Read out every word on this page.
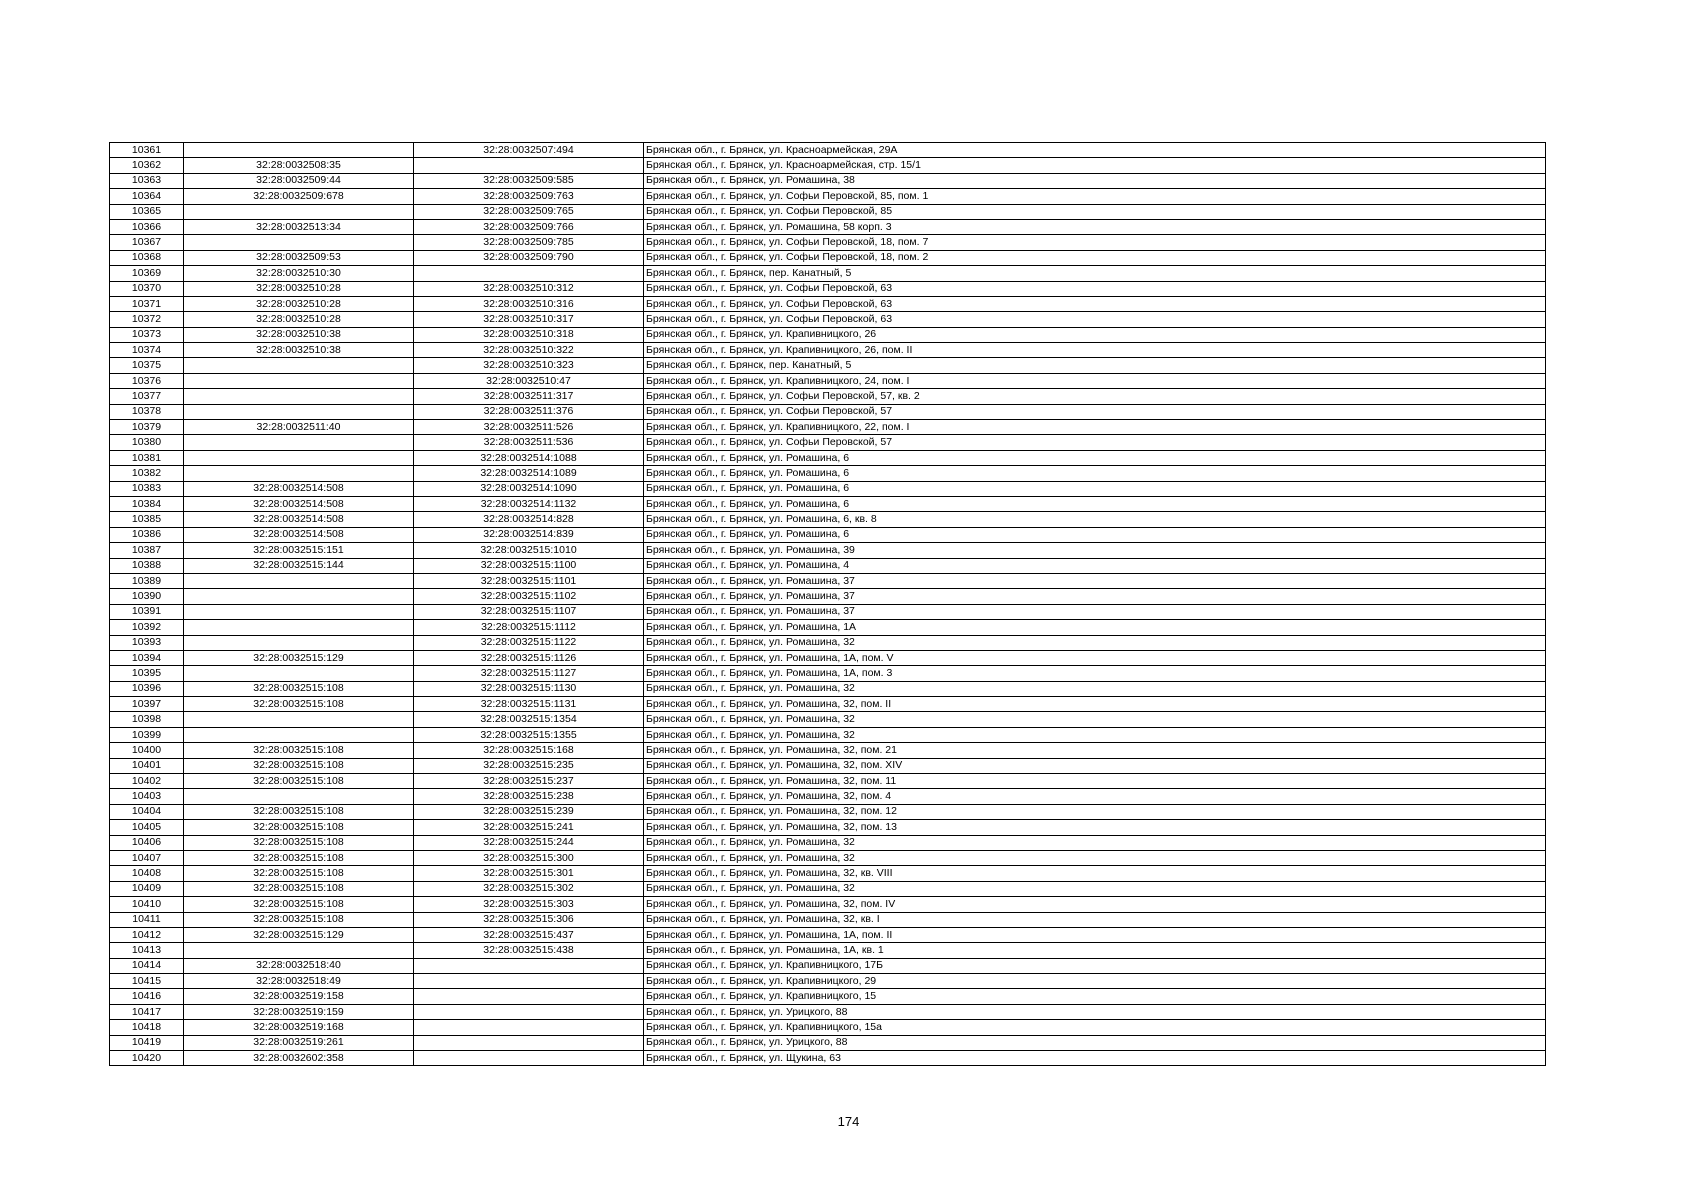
10361		32:28:0032507:494	Брянская обл., г. Брянск, ул. Красноармейская, 29А
10362	32:28:0032508:35		Брянская обл., г. Брянск, ул. Красноармейская, стр. 15/1
10363	32:28:0032509:44	32:28:0032509:585	Брянская обл., г. Брянск, ул. Ромашина, 38
10364	32:28:0032509:678	32:28:0032509:763	Брянская обл., г. Брянск, ул. Софьи Перовской, 85, пом. 1
10365		32:28:0032509:765	Брянская обл., г. Брянск, ул. Софьи Перовской, 85
10366	32:28:0032513:34	32:28:0032509:766	Брянская обл., г. Брянск, ул. Ромашина, 58 корп. 3
10367		32:28:0032509:785	Брянская обл., г. Брянск, ул. Софьи Перовской, 18, пом. 7
10368	32:28:0032509:53	32:28:0032509:790	Брянская обл., г. Брянск, ул. Софьи Перовской, 18, пом. 2
10369	32:28:0032510:30		Брянская обл., г. Брянск, пер. Канатный, 5
10370	32:28:0032510:28	32:28:0032510:312	Брянская обл., г. Брянск, ул. Софьи Перовской, 63
10371	32:28:0032510:28	32:28:0032510:316	Брянская обл., г. Брянск, ул. Софьи Перовской, 63
10372	32:28:0032510:28	32:28:0032510:317	Брянская обл., г. Брянск, ул. Софьи Перовской, 63
10373	32:28:0032510:38	32:28:0032510:318	Брянская обл., г. Брянск, ул. Крапивницкого, 26
10374	32:28:0032510:38	32:28:0032510:322	Брянская обл., г. Брянск, ул. Крапивницкого, 26, пом. II
10375		32:28:0032510:323	Брянская обл., г. Брянск, пер. Канатный, 5
10376		32:28:0032510:47	Брянская обл., г. Брянск, ул. Крапивницкого, 24, пом. I
10377		32:28:0032511:317	Брянская обл., г. Брянск, ул. Софьи Перовской, 57, кв. 2
10378		32:28:0032511:376	Брянская обл., г. Брянск, ул. Софьи Перовской, 57
10379	32:28:0032511:40	32:28:0032511:526	Брянская обл., г. Брянск, ул. Крапивницкого, 22, пом. I
10380		32:28:0032511:536	Брянская обл., г. Брянск, ул. Софьи Перовской, 57
10381		32:28:0032514:1088	Брянская обл., г. Брянск, ул. Ромашина, 6
10382		32:28:0032514:1089	Брянская обл., г. Брянск, ул. Ромашина, 6
10383	32:28:0032514:508	32:28:0032514:1090	Брянская обл., г. Брянск, ул. Ромашина, 6
10384	32:28:0032514:508	32:28:0032514:1132	Брянская обл., г. Брянск, ул. Ромашина, 6
10385	32:28:0032514:508	32:28:0032514:828	Брянская обл., г. Брянск, ул. Ромашина, 6, кв. 8
10386	32:28:0032514:508	32:28:0032514:839	Брянская обл., г. Брянск, ул. Ромашина, 6
10387	32:28:0032515:151	32:28:0032515:1010	Брянская обл., г. Брянск, ул. Ромашина, 39
10388	32:28:0032515:144	32:28:0032515:1100	Брянская обл., г. Брянск, ул. Ромашина, 4
10389		32:28:0032515:1101	Брянская обл., г. Брянск, ул. Ромашина, 37
10390		32:28:0032515:1102	Брянская обл., г. Брянск, ул. Ромашина, 37
10391		32:28:0032515:1107	Брянская обл., г. Брянск, ул. Ромашина, 37
10392		32:28:0032515:1112	Брянская обл., г. Брянск, ул. Ромашина, 1А
10393		32:28:0032515:1122	Брянская обл., г. Брянск, ул. Ромашина, 32
10394	32:28:0032515:129	32:28:0032515:1126	Брянская обл., г. Брянск, ул. Ромашина, 1А, пом. V
10395		32:28:0032515:1127	Брянская обл., г. Брянск, ул. Ромашина, 1А, пом. 3
10396	32:28:0032515:108	32:28:0032515:1130	Брянская обл., г. Брянск, ул. Ромашина, 32
10397	32:28:0032515:108	32:28:0032515:1131	Брянская обл., г. Брянск, ул. Ромашина, 32, пом. II
10398		32:28:0032515:1354	Брянская обл., г. Брянск, ул. Ромашина, 32
10399		32:28:0032515:1355	Брянская обл., г. Брянск, ул. Ромашина, 32
10400	32:28:0032515:108	32:28:0032515:168	Брянская обл., г. Брянск, ул. Ромашина, 32, пом. 21
10401	32:28:0032515:108	32:28:0032515:235	Брянская обл., г. Брянск, ул. Ромашина, 32, пом. XIV
10402	32:28:0032515:108	32:28:0032515:237	Брянская обл., г. Брянск, ул. Ромашина, 32, пом. 11
10403		32:28:0032515:238	Брянская обл., г. Брянск, ул. Ромашина, 32, пом. 4
10404	32:28:0032515:108	32:28:0032515:239	Брянская обл., г. Брянск, ул. Ромашина, 32, пом. 12
10405	32:28:0032515:108	32:28:0032515:241	Брянская обл., г. Брянск, ул. Ромашина, 32, пом. 13
10406	32:28:0032515:108	32:28:0032515:244	Брянская обл., г. Брянск, ул. Ромашина, 32
10407	32:28:0032515:108	32:28:0032515:300	Брянская обл., г. Брянск, ул. Ромашина, 32
10408	32:28:0032515:108	32:28:0032515:301	Брянская обл., г. Брянск, ул. Ромашина, 32, кв. VIII
10409	32:28:0032515:108	32:28:0032515:302	Брянская обл., г. Брянск, ул. Ромашина, 32
10410	32:28:0032515:108	32:28:0032515:303	Брянская обл., г. Брянск, ул. Ромашина, 32, пом. IV
10411	32:28:0032515:108	32:28:0032515:306	Брянская обл., г. Брянск, ул. Ромашина, 32, кв. I
10412	32:28:0032515:129	32:28:0032515:437	Брянская обл., г. Брянск, ул. Ромашина, 1А, пом. II
10413		32:28:0032515:438	Брянская обл., г. Брянск, ул. Ромашина, 1А, кв. 1
10414	32:28:0032518:40		Брянская обл., г. Брянск, ул. Крапивницкого, 17Б
10415	32:28:0032518:49		Брянская обл., г. Брянск, ул. Крапивницкого, 29
10416	32:28:0032519:158		Брянская обл., г. Брянск, ул. Крапивницкого, 15
10417	32:28:0032519:159		Брянская обл., г. Брянск, ул. Урицкого, 88
10418	32:28:0032519:168		Брянская обл., г. Брянск, ул. Крапивницкого, 15а
10419	32:28:0032519:261		Брянская обл., г. Брянск, ул. Урицкого, 88
10420	32:28:0032602:358		Брянская обл., г. Брянск, ул. Щукина, 63
174
